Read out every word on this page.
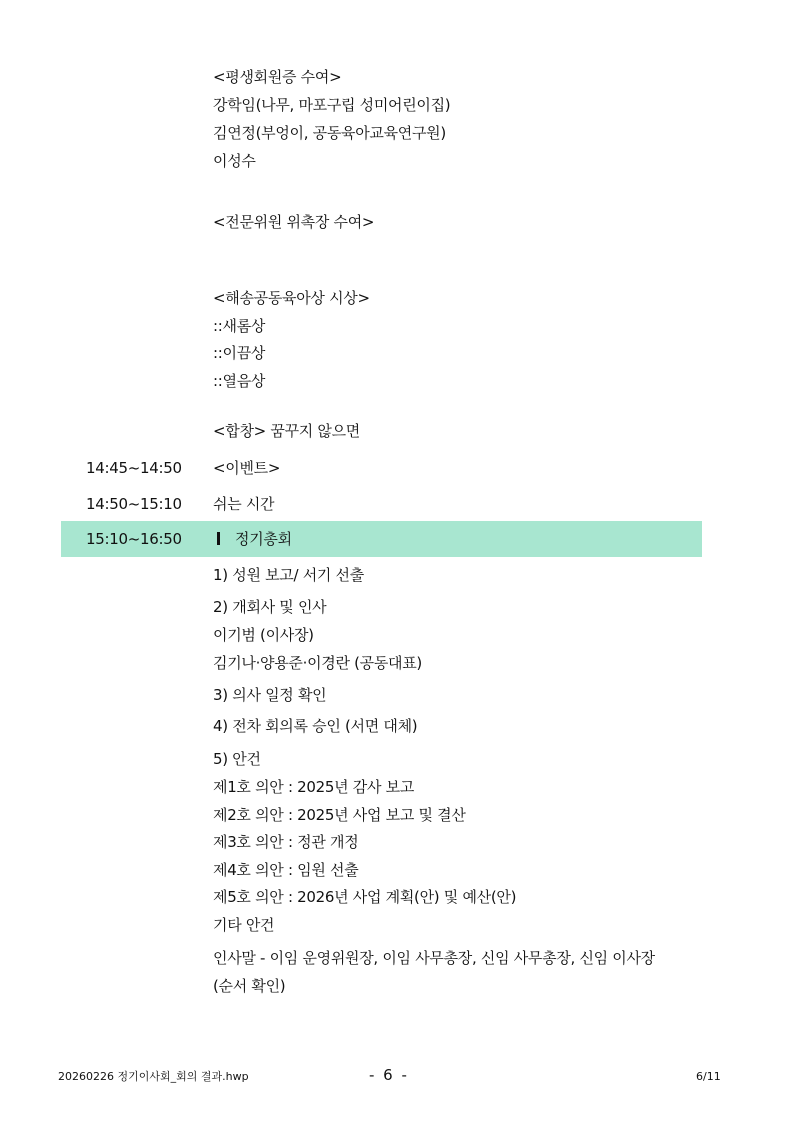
<평생회원증 수여>
강학임(나무, 마포구립 성미어린이집)
김연정(부엉이, 공동육아교육연구원)
이성수
<전문위원 위촉장 수여>
<해송공동육아상 시상>
::새롬상
::이끔상
::열음상
<합창> 꿈꾸지 않으면
14:45~14:50 <이벤트>
14:50~15:10 쉬는 시간
15:10~16:50	정기총회
1) 성원 보고/ 서기 선출
2) 개회사 및 인사
이기범 (이사장)
김기나·양용준·이경란 (공동대표)
3) 의사 일정 확인
4) 전차 회의록 승인 (서면 대체)
5) 안건
제1호 의안 : 2025년 감사 보고
제2호 의안 : 2025년 사업 보고 및 결산
제3호 의안 : 정관 개정
제4호 의안 : 임원 선출
제5호 의안 : 2026년 사업 계획(안) 및 예산(안)
기타 안건
인사말 - 이임 운영위원장, 이임 사무총장, 신임 사무총장, 신임 이사장
(순서 확인)
20260226 정기이사회_회의 결과.hwp	- 6 -	6/11
